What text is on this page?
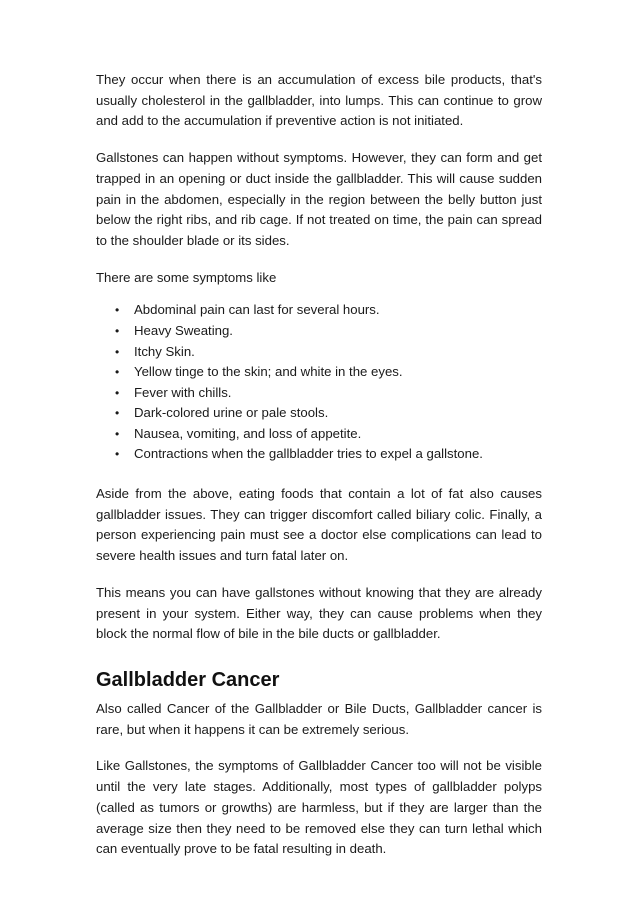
They occur when there is an accumulation of excess bile products, that's usually cholesterol in the gallbladder, into lumps. This can continue to grow and add to the accumulation if preventive action is not initiated.

Gallstones can happen without symptoms. However, they can form and get trapped in an opening or duct inside the gallbladder. This will cause sudden pain in the abdomen, especially in the region between the belly button just below the right ribs, and rib cage. If not treated on time, the pain can spread to the shoulder blade or its sides.

There are some symptoms like

• Abdominal pain can last for several hours.
• Heavy Sweating.
• Itchy Skin.
• Yellow tinge to the skin; and white in the eyes.
• Fever with chills.
• Dark-colored urine or pale stools.
• Nausea, vomiting, and loss of appetite.
• Contractions when the gallbladder tries to expel a gallstone.

Aside from the above, eating foods that contain a lot of fat also causes gallbladder issues. They can trigger discomfort called biliary colic. Finally, a person experiencing pain must see a doctor else complications can lead to severe health issues and turn fatal later on.

This means you can have gallstones without knowing that they are already present in your system. Either way, they can cause problems when they block the normal flow of bile in the bile ducts or gallbladder.

Gallbladder Cancer

Also called Cancer of the Gallbladder or Bile Ducts, Gallbladder cancer is rare, but when it happens it can be extremely serious.

Like Gallstones, the symptoms of Gallbladder Cancer too will not be visible until the very late stages. Additionally, most types of gallbladder polyps (called as tumors or growths) are harmless, but if they are larger than the average size then they need to be removed else they can turn lethal which can eventually prove to be fatal resulting in death.
